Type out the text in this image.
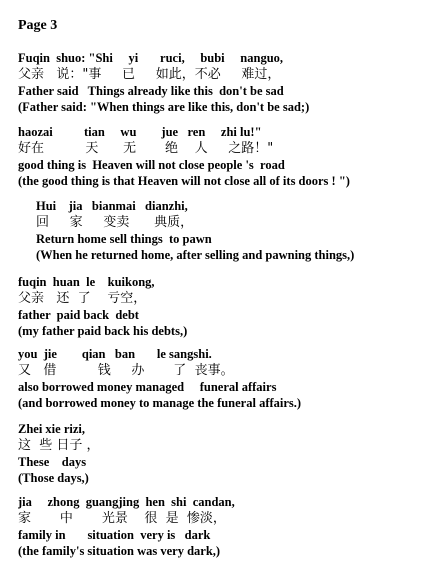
Page 3
Fuqin  shuo: "Shi     yi       ruci,     bubi     nanguo,
父亲   说："事     已     如此，不必     难过，
Father said   Things already like this  don't be sad
(Father said: "When things are like this, don't be sad;)
haozai          tian     wu        jue   ren     zhi lu!"
好在          天      无       绝    人     之路！"
good thing is  Heaven will not close people 's  road
(the good thing is that Heaven will not close all of its doors ! ")
Hui    jia   bianmai   dianzhi,
回     家     变卖      典质，
Return home sell things  to pawn
(When he returned home, after selling and pawning things,)
fuqin  huan  le    kuikong,
父亲   还  了    亏空，
father  paid back  debt
(my father paid back his debts,)
you  jie        qian   ban       le sangshi.
又   借          钱     办       了  丧事。
also borrowed money managed     funeral affairs
(and borrowed money to manage the funeral affairs.)
Zhei xie rizi,
这  些 日子 ，
These    days
(Those days,)
jia     zhong  guangjing  hen  shi  candan,
家       中       光景    很  是  惨淡，
family in       situation  very is   dark
(the family's situation was very dark,)
